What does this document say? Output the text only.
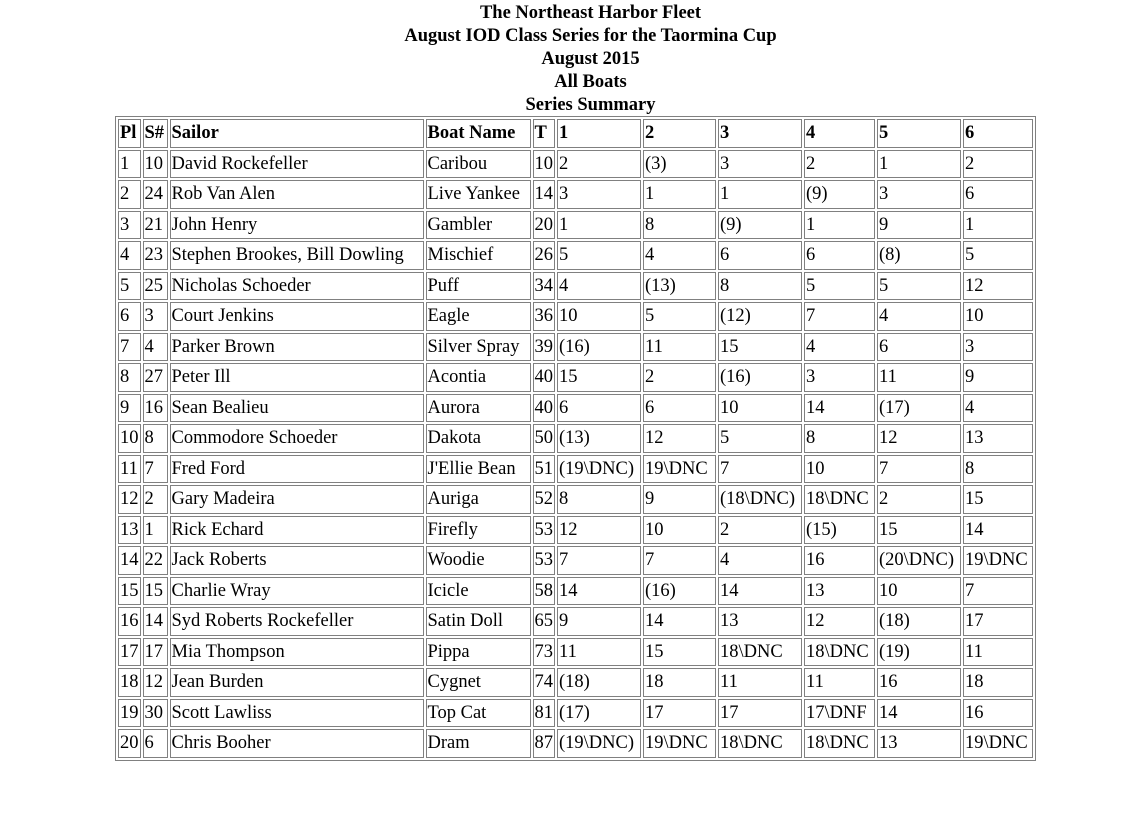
The Northeast Harbor Fleet
August IOD Class Series for the Taormina Cup
August 2015
All Boats
Series Summary
Pl	S#	Sailor	Boat Name	T	1	2	3	4	5	6
1	10	David Rockefeller	Caribou	10	2	(3)	3	2	1	2
2	24	Rob Van Alen	Live Yankee	14	3	1	1	(9)	3	6
3	21	John Henry	Gambler	20	1	8	(9)	1	9	1
4	23	Stephen Brookes, Bill Dowling	Mischief	26	5	4	6	6	(8)	5
5	25	Nicholas Schoeder	Puff	34	4	(13)	8	5	5	12
6	3	Court Jenkins	Eagle	36	10	5	(12)	7	4	10
7	4	Parker Brown	Silver Spray	39	(16)	11	15	4	6	3
8	27	Peter Ill	Acontia	40	15	2	(16)	3	11	9
9	16	Sean Bealieu	Aurora	40	6	6	10	14	(17)	4
10	8	Commodore Schoeder	Dakota	50	(13)	12	5	8	12	13
11	7	Fred Ford	J'Ellie Bean	51	(19\DNC)	19\DNC	7	10	7	8
12	2	Gary Madeira	Auriga	52	8	9	(18\DNC)	18\DNC	2	15
13	1	Rick Echard	Firefly	53	12	10	2	(15)	15	14
14	22	Jack Roberts	Woodie	53	7	7	4	16	(20\DNC)	19\DNC
15	15	Charlie Wray	Icicle	58	14	(16)	14	13	10	7
16	14	Syd Roberts Rockefeller	Satin Doll	65	9	14	13	12	(18)	17
17	17	Mia Thompson	Pippa	73	11	15	18\DNC	18\DNC	(19)	11
18	12	Jean Burden	Cygnet	74	(18)	18	11	11	16	18
19	30	Scott Lawliss	Top Cat	81	(17)	17	17	17\DNF	14	16
20	6	Chris Booher	Dram	87	(19\DNC)	19\DNC	18\DNC	18\DNC	13	19\DNC
